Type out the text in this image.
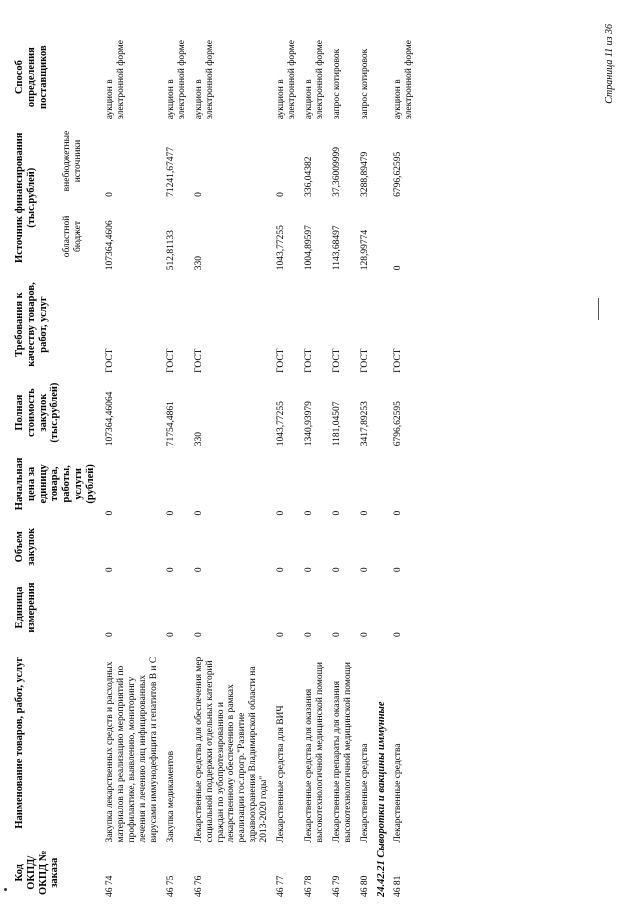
Код ОКПД/ ОКПД № заказа	Наименование товаров, работ, услуг	Единица измерения	Объем закупок	Начальная цена за единицу товара, работы, услуги (рублей)	Полная стоимость закупок (тыс.рублей)	Требования к качеству товаров, работ, услуг	Источник финансирования (тыс.рублей)		Способ определения поставщиков
							областной бюджет	внебюджетные источники	
46 74	Закупка лекарственных средств и расходных материалов на реализацию мероприятий по профилактике, выявлению, мониторингу лечения и лечению лиц инфицированных вирусами иммунодефицита и гепатитов В и С	0	0	0	107364,46064	ГОСТ	107364,4606	0	аукцион в электронной форме
46 75	Закупка медикаментов	0	0	0	71754,4861	ГОСТ	512,81133	71241,67477	аукцион в электронной форме
46 76	Лекарственные средства для обеспечения мер социальной поддержки отдельных категорий граждан по зубопротезированию и лекарственному обеспечению в рамках реализации гос.прогр."Развитие здравоохранения Владимирской области на 2013-2020 годы"	0	0	0	330	ГОСТ	330	0	аукцион в электронной форме
46 77	Лекарственные средства для ВИЧ	0	0	0	1043,77255	ГОСТ	1043,77255	0	аукцион в электронной форме
46 78	Лекарственные средства для оказания высокотехнологичной медицинской помощи	0	0	0	1340,93979	ГОСТ	1004,89597	336,04382	аукцион в электронной форме
46 79	Лекарственные препараты для оказания высокотехнологичной медицинской помощи	0	0	0	1181,04507	ГОСТ	1143,68497	37,36009999	запрос котировок
46 80	Лекарственные средства	0	0	0	3417,89253	ГОСТ	128,99774	3288,89479	запрос котировок
24.42.21 Сыворотки и вакцины иммунные									
46 81	Лекарственные средства	0	0	0	6796,62595	ГОСТ	0	6796,62595	аукцион в электронной форме	Страница 11 из 36
